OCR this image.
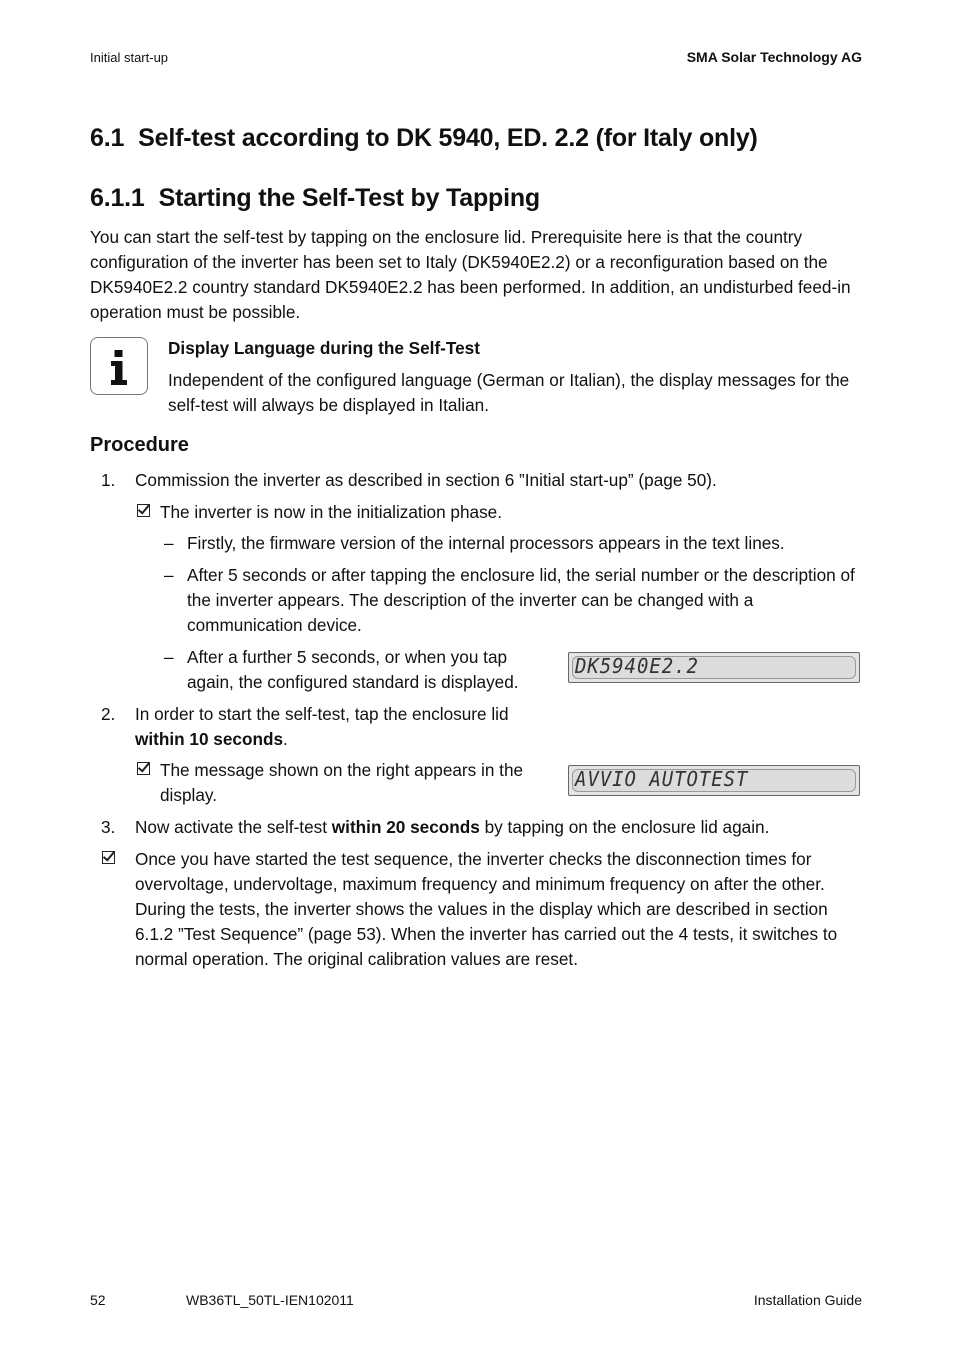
Initial start-up	SMA Solar Technology AG
6.1 Self-test according to DK 5940, ED. 2.2 (for Italy only)
6.1.1 Starting the Self-Test by Tapping
You can start the self-test by tapping on the enclosure lid. Prerequisite here is that the country configuration of the inverter has been set to Italy (DK5940E2.2) or a reconfiguration based on the DK5940E2.2 country standard DK5940E2.2 has been performed. In addition, an undisturbed feed-in operation must be possible.
Display Language during the Self-Test
Independent of the configured language (German or Italian), the display messages for the self-test will always be displayed in Italian.
Procedure
1. Commission the inverter as described in section 6 ”Initial start-up” (page 50).
The inverter is now in the initialization phase.
– Firstly, the firmware version of the internal processors appears in the text lines.
– After 5 seconds or after tapping the enclosure lid, the serial number or the description of
the inverter appears. The description of the inverter can be changed with a
communication device.
– After a further 5 seconds, or when you tap
again, the configured standard is displayed.
DK5940E2.2
2. In order to start the self-test, tap the enclosure lid
within 10 seconds.
The message shown on the right appears in the
display.
AVVIO AUTOTEST
3. Now activate the self-test within 20 seconds by tapping on the enclosure lid again.
Once you have started the test sequence, the inverter checks the disconnection times for overvoltage, undervoltage, maximum frequency and minimum frequency on after the other. During the tests, the inverter shows the values in the display which are described in section 6.1.2 ”Test Sequence” (page 53). When the inverter has carried out the 4 tests, it switches to normal operation. The original calibration values are reset.
52	WB36TL_50TL-IEN102011	Installation Guide
